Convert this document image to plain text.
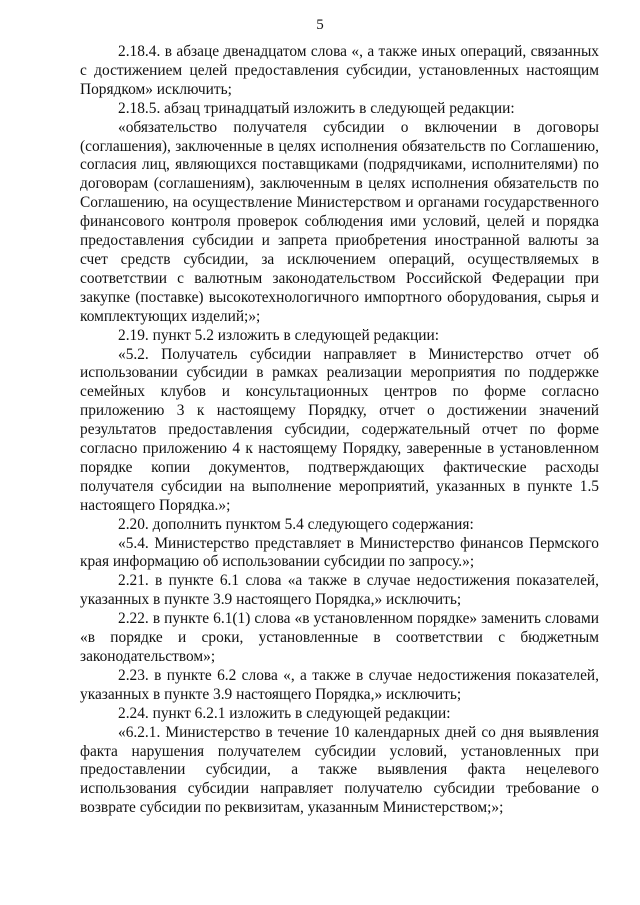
5

2.18.4. в абзаце двенадцатом слова «, а также иных операций, связанных с достижением целей предоставления субсидии, установленных настоящим Порядком» исключить;

2.18.5. абзац тринадцатый изложить в следующей редакции:

«обязательство получателя субсидии о включении в договоры (соглашения), заключенные в целях исполнения обязательств по Соглашению, согласия лиц, являющихся поставщиками (подрядчиками, исполнителями) по договорам (соглашениям), заключенным в целях исполнения обязательств по Соглашению, на осуществление Министерством и органами государственного финансового контроля проверок соблюдения ими условий, целей и порядка предоставления субсидии и запрета приобретения иностранной валюты за счет средств субсидии, за исключением операций, осуществляемых в соответствии с валютным законодательством Российской Федерации при закупке (поставке) высокотехнологичного импортного оборудования, сырья и комплектующих изделий;»;

2.19. пункт 5.2 изложить в следующей редакции:

«5.2. Получатель субсидии направляет в Министерство отчет об использовании субсидии в рамках реализации мероприятия по поддержке семейных клубов и консультационных центров по форме согласно приложению 3 к настоящему Порядку, отчет о достижении значений результатов предоставления субсидии, содержательный отчет по форме согласно приложению 4 к настоящему Порядку, заверенные в установленном порядке копии документов, подтверждающих фактические расходы получателя субсидии на выполнение мероприятий, указанных в пункте 1.5 настоящего Порядка.»;

2.20. дополнить пунктом 5.4 следующего содержания:

«5.4. Министерство представляет в Министерство финансов Пермского края информацию об использовании субсидии по запросу.»;

2.21. в пункте 6.1 слова «а также в случае недостижения показателей, указанных в пункте 3.9 настоящего Порядка,» исключить;

2.22. в пункте 6.1(1) слова «в установленном порядке» заменить словами «в порядке и сроки, установленные в соответствии с бюджетным законодательством»;

2.23. в пункте 6.2 слова «, а также в случае недостижения показателей, указанных в пункте 3.9 настоящего Порядка,» исключить;

2.24. пункт 6.2.1 изложить в следующей редакции:

«6.2.1. Министерство в течение 10 календарных дней со дня выявления факта нарушения получателем субсидии условий, установленных при предоставлении субсидии, а также выявления факта нецелевого использования субсидии направляет получателю субсидии требование о возврате субсидии по реквизитам, указанным Министерством;»;
